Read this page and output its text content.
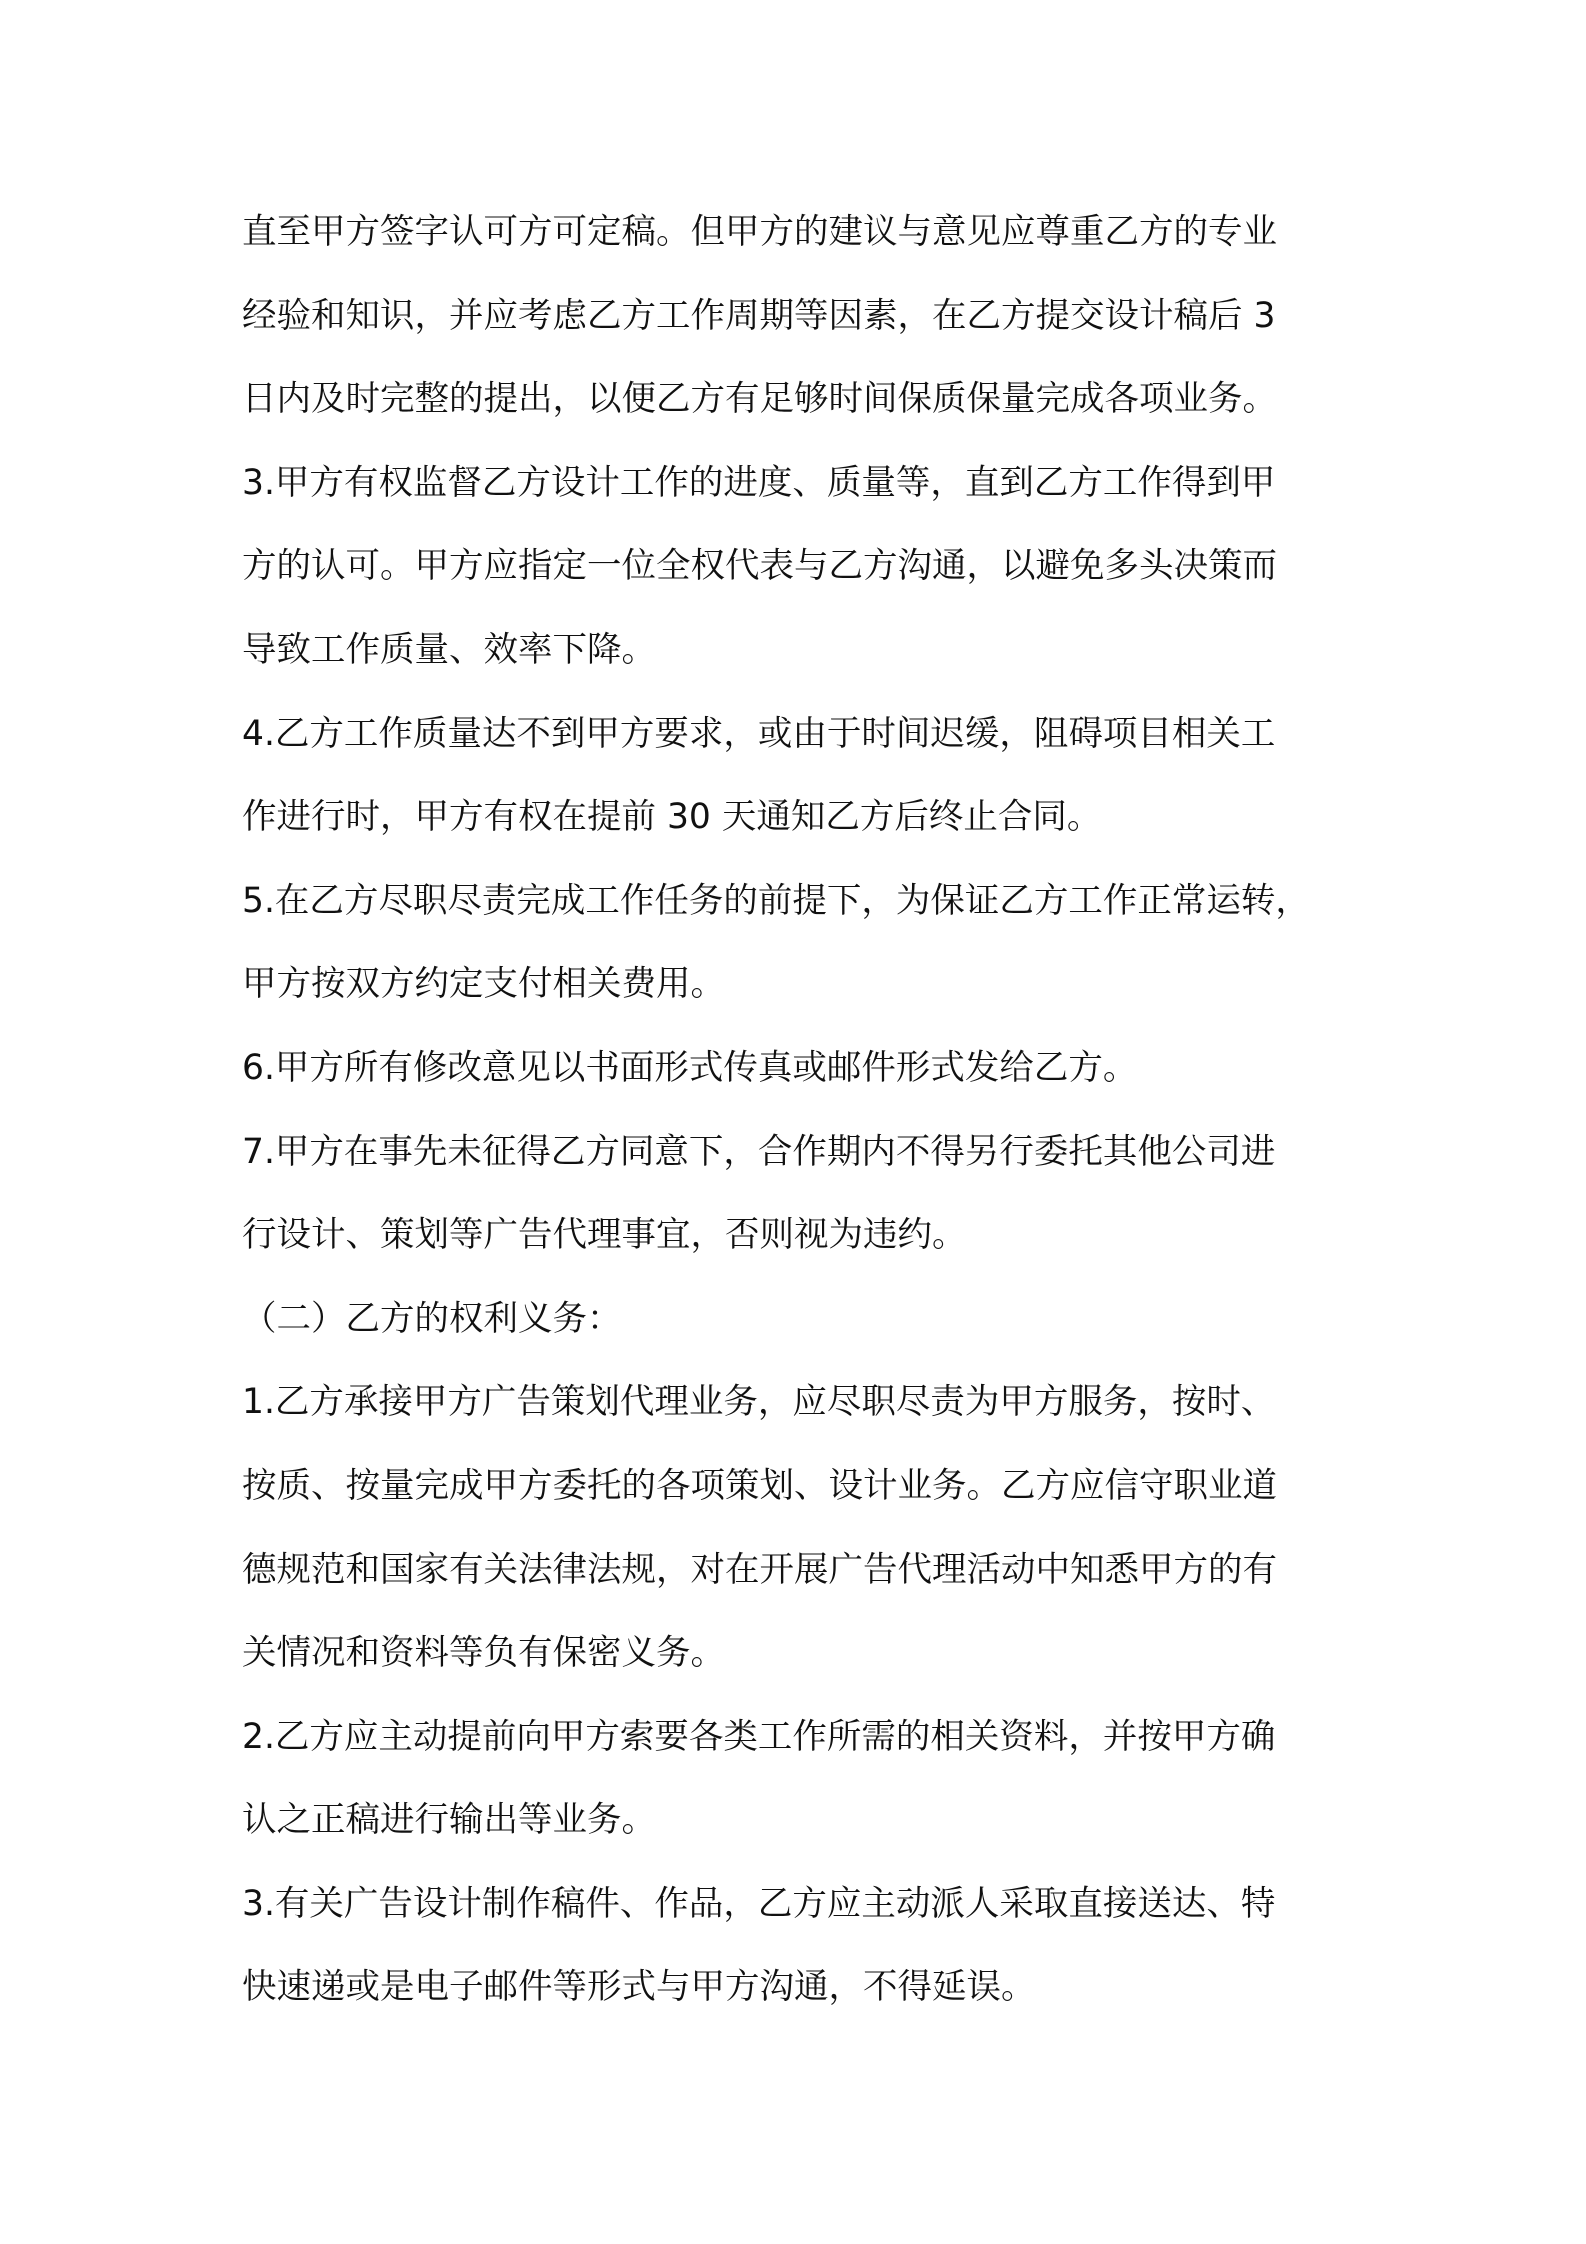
直至甲方签字认可方可定稿。但甲方的建议与意见应尊重乙方的专业
经验和知识，并应考虑乙方工作周期等因素，在乙方提交设计稿后 3
日内及时完整的提出，以便乙方有足够时间保质保量完成各项业务。
3.甲方有权监督乙方设计工作的进度、质量等，直到乙方工作得到甲
方的认可。甲方应指定一位全权代表与乙方沟通，以避免多头决策而
导致工作质量、效率下降。
4.乙方工作质量达不到甲方要求，或由于时间迟缓，阻碍项目相关工
作进行时，甲方有权在提前 30 天通知乙方后终止合同。
5.在乙方尽职尽责完成工作任务的前提下，为保证乙方工作正常运转，
甲方按双方约定支付相关费用。
6.甲方所有修改意见以书面形式传真或邮件形式发给乙方。
7.甲方在事先未征得乙方同意下，合作期内不得另行委托其他公司进
行设计、策划等广告代理事宜，否则视为违约。
（二）乙方的权利义务：
1.乙方承接甲方广告策划代理业务，应尽职尽责为甲方服务，按时、
按质、按量完成甲方委托的各项策划、设计业务。乙方应信守职业道
德规范和国家有关法律法规，对在开展广告代理活动中知悉甲方的有
关情况和资料等负有保密义务。
2.乙方应主动提前向甲方索要各类工作所需的相关资料，并按甲方确
认之正稿进行输出等业务。
3.有关广告设计制作稿件、作品，乙方应主动派人采取直接送达、特
快速递或是电子邮件等形式与甲方沟通，不得延误。
